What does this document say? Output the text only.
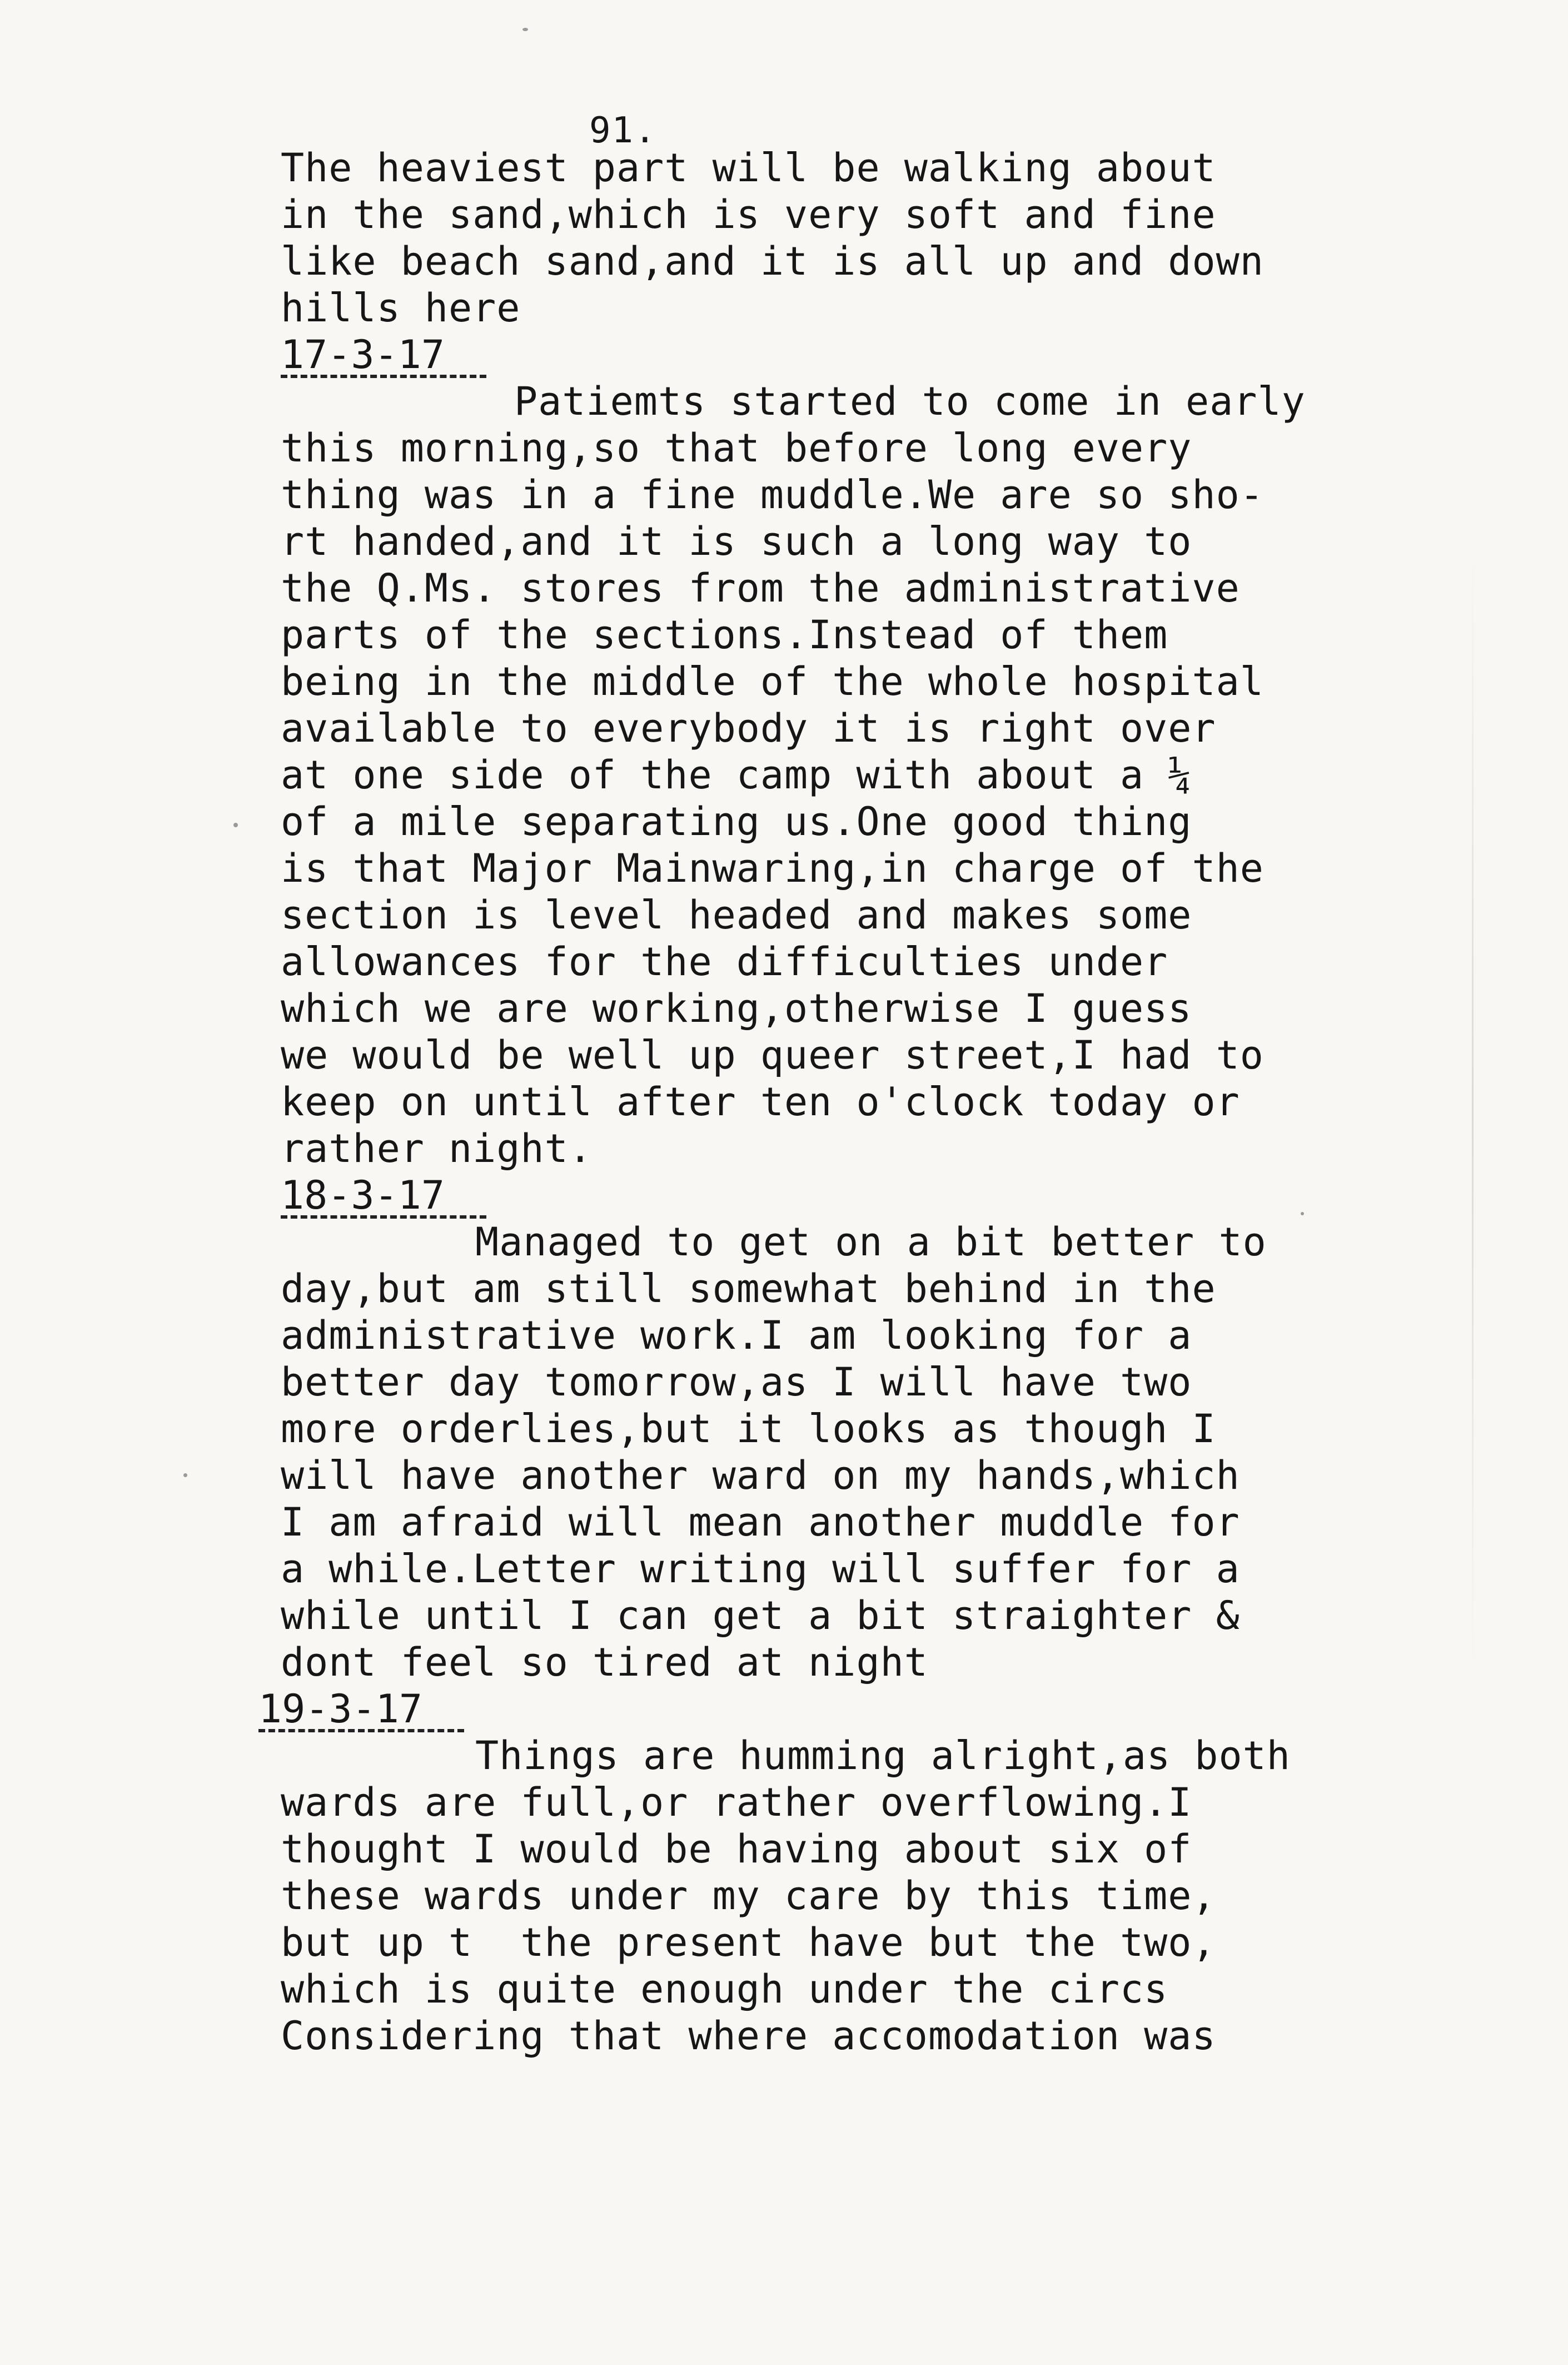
91.
The heaviest part will be walking about
in the sand,which is very soft and fine
like beach sand,and it is all up and down
hills here
17-3-17
Patiemts started to come in early
this morning,so that before long every
thing was in a fine muddle.We are so sho-
rt handed,and it is such a long way to
the Q.Ms. stores from the administrative
parts of the sections.Instead of them
being in the middle of the whole hospital
available to everybody it is right over
at one side of the camp with about a ¼
of a mile separating us.One good thing
is that Major Mainwaring,in charge of the
section is level headed and makes some
allowances for the difficulties under
which we are working,otherwise I guess
we would be well up queer street,I had to
keep on until after ten o'clock today or
rather night.
18-3-17
Managed to get on a bit better to
day,but am still somewhat behind in the
administrative work.I am looking for a
better day tomorrow,as I will have two
more orderlies,but it looks as though I
will have another ward on my hands,which
I am afraid will mean another muddle for
a while.Letter writing will suffer for a
while until I can get a bit straighter &
dont feel so tired at night
19-3-17
Things are humming alright,as both
wards are full,or rather overflowing.I
thought I would be having about six of
these wards under my care by this time,
but up t  the present have but the two,
which is quite enough under the circs
Considering that where accomodation was
